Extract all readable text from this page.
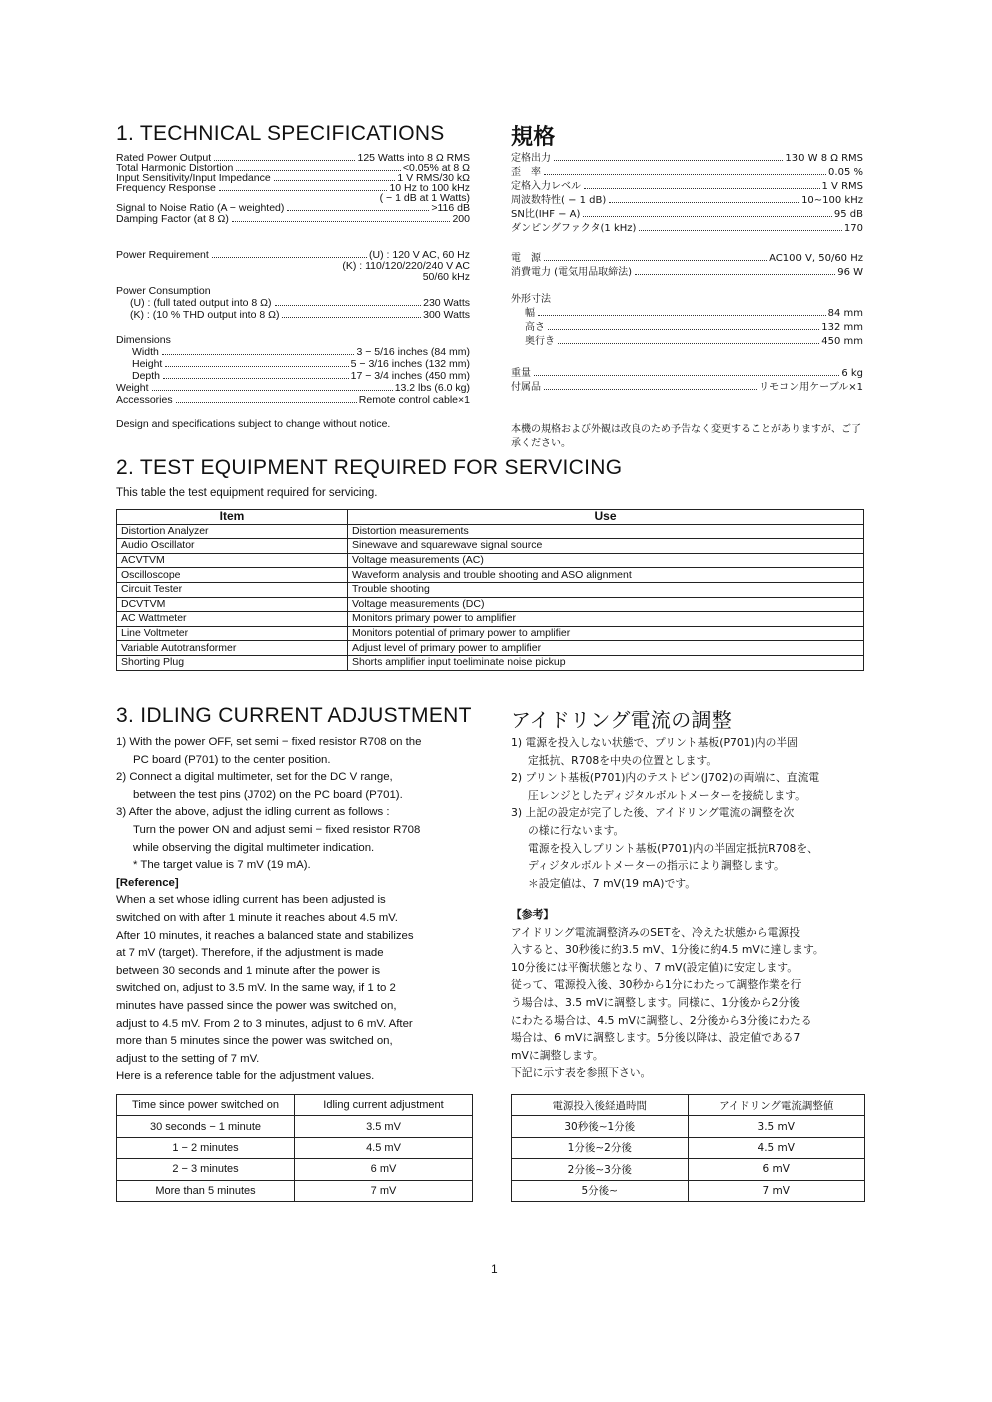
1. TECHNICAL SPECIFICATIONS	規格
Rated Power Output	125 Watts into 8 Ω RMS
Total Harmonic Distortion	<0.05% at 8 Ω
Input Sensitivity/Input Impedance	1 V RMS/30 kΩ
Frequency Response	10 Hz to 100 kHz
( − 1 dB at 1 Watts)
Signal to Noise Ratio (A − weighted)	>116 dB
Damping Factor (at 8 Ω)	200
Power Requirement	(U) : 120 V AC, 60 Hz
(K) : 110/120/220/240 V AC
50/60 kHz
Power Consumption
(U) : (full tated output into 8 Ω)	230 Watts
(K) : (10 % THD output into 8 Ω)	300 Watts
Dimensions
Width	3 − 5/16 inches (84 mm)
Height	5 − 3/16 inches (132 mm)
Depth	17 − 3/4 inches (450 mm)
Weight	13.2 lbs (6.0 kg)
Accessories	Remote control cable×1
Design and specifications subject to change without notice.
定格出力	130 W 8 Ω RMS
歪　率	0.05 %
定格入力レベル	1 V RMS
周波数特性( − 1 dB)	10∼100 kHz
SN比(IHF − A)	95 dB
ダンピングファクタ(1 kHz)	170
電　源	AC100 V, 50/60 Hz
消費電力 (電気用品取締法)	96 W
外形寸法
幅	84 mm
高さ	132 mm
奥行き	450 mm
重量	6 kg
付属品	リモコン用ケーブル×1
本機の規格および外観は改良のため予告なく変更することがありますが、ご了承ください。
2. TEST EQUIPMENT REQUIRED FOR SERVICING
This table the test equipment required for servicing.
Item	Use
Distortion Analyzer	Distortion measurements
Audio Oscillator	Sinewave and squarewave signal source
ACVTVM	Voltage measurements (AC)
Oscilloscope	Waveform analysis and trouble shooting and ASO alignment
Circuit Tester	Trouble shooting
DCVTVM	Voltage measurements (DC)
AC Wattmeter	Monitors primary power to amplifier
Line Voltmeter	Monitors potential of primary power to amplifier
Variable Autotransformer	Adjust level of primary power to amplifier
Shorting Plug	Shorts amplifier input toeliminate noise pickup
3. IDLING CURRENT ADJUSTMENT アイドリング電流の調整

1) With the power OFF, set semi − fixed resistor R708 on the

PC board (P701) to the center position.

2) Connect a digital multimeter, set for the DC V range,

between the test pins (J702) on the PC board (P701).

3) After the above, adjust the idling current as follows :

Turn the power ON and adjust semi − fixed resistor R708

while observing the digital multimeter indication.

* The target value is 7 mV (19 mA).

[Reference]

When a set whose idling current has been adjusted is

switched on with after 1 minute it reaches about 4.5 mV.

After 10 minutes, it reaches a balanced state and stabilizes

at 7 mV (target). Therefore, if the adjustment is made

between 30 seconds and 1 minute after the power is

switched on, adjust to 3.5 mV. In the same way, if 1 to 2

minutes have passed since the power was switched on,

adjust to 4.5 mV. From 2 to 3 minutes, adjust to 6 mV. After

more than 5 minutes since the power was switched on,

adjust to the setting of 7 mV.

Here is a reference table for the adjustment values.

Time since power switched on	Idling current adjustment
30 seconds − 1 minute	3.5 mV
1 − 2 minutes	4.5 mV
2 − 3 minutes	6 mV
More than 5 minutes	7 mV

1) 電源を投入しない状態で、プリント基板(P701)内の半固

定抵抗、R708を中央の位置とします。

2) プリント基板(P701)内のテストピン(J702)の両端に、直流電

圧レンジとしたディジタルボルトメーターを接続します。

3) 上記の設定が完了した後、アイドリング電流の調整を次

の様に行ないます。

電源を投入しプリント基板(P701)内の半固定抵抗R708を、

ディジタルボルトメーターの指示により調整します。

＊設定値は、7 mV(19 mA)です。

【参考】

アイドリング電流調整済みのSETを、冷えた状態から電源投

入すると、30秒後に約3.5 mV、1分後に約4.5 mVに達します。

10分後には平衡状態となり、7 mV(設定値)に安定します。

従って、電源投入後、30秒から1分にわたって調整作業を行

う場合は、3.5 mVに調整します。同様に、1分後から2分後

にわたる場合は、4.5 mVに調整し、2分後から3分後にわたる

場合は、6 mVに調整します。5分後以降は、設定値である7

mVに調整します。

下記に示す表を参照下さい。

電源投入後経過時間	アイドリング電流調整値
30秒後∼1分後	3.5 mV
1分後∼2分後	4.5 mV
2分後∼3分後	6 mV
5分後∼	7 mV
1
